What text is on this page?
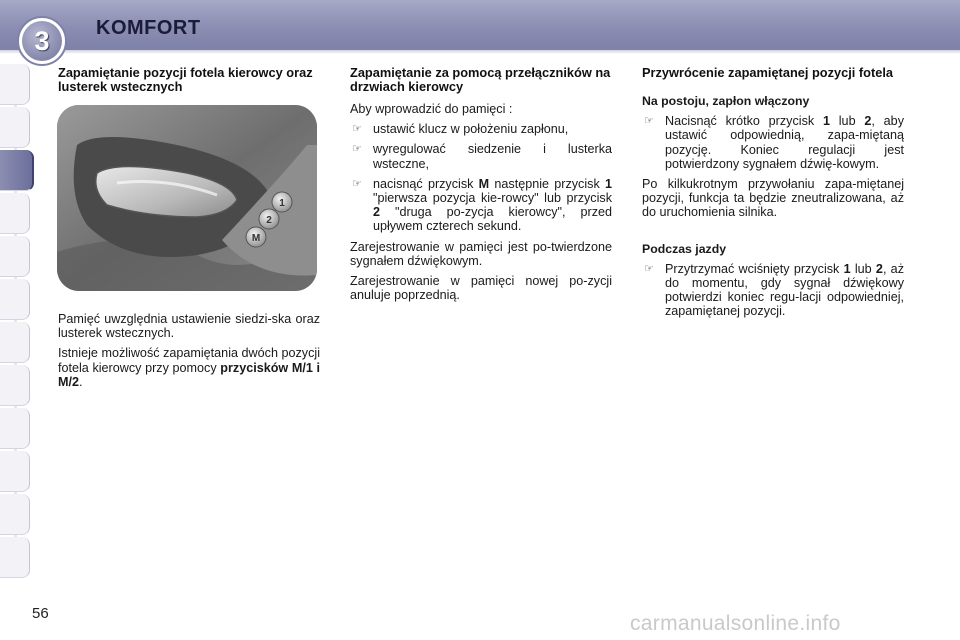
3	KOMFORT
Zapamiętanie pozycji fotela kierowcy oraz lusterek wstecznych
1
2
M

Pamięć uwzględnia ustawienie siedzi-ska oraz lusterek wstecznych.

Istnieje możliwość zapamiętania dwóch pozycji fotela kierowcy przy pomocy przycisków M/1 i M/2.

Zapamiętanie za pomocą przełączników na drzwiach kierowcy

Aby wprowadzić do pamięci :

☞ ustawić klucz w położeniu zapłonu,
☞ wyregulować siedzenie i lusterka wsteczne,
☞ nacisnąć przycisk M następnie przycisk 1 "pierwsza pozycja kie-rowcy" lub przycisk 2 "druga po-zycja kierowcy", przed upływem czterech sekund.

Zarejestrowanie w pamięci jest po-twierdzone sygnałem dźwiękowym.

Zarejestrowanie w pamięci nowej po-zycji anuluje poprzednią.

Przywrócenie zapamiętanej pozycji fotela
Na postoju, zapłon włączony
☞ Nacisnąć krótko przycisk 1 lub 2, aby ustawić odpowiednią, zapa-miętaną pozycję. Koniec regulacji jest potwierdzony sygnałem dźwię-kowym.

Po kilkukrotnym przywołaniu zapa-miętanej pozycji, funkcja ta będzie zneutralizowana, aż do uruchomienia silnika.

Podczas jazdy
☞ Przytrzymać wciśnięty przycisk 1 lub 2, aż do momentu, gdy sygnał dźwiękowy potwierdzi koniec regu-lacji odpowiedniej, zapamiętanej pozycji.
56	carmanualsonline.info
